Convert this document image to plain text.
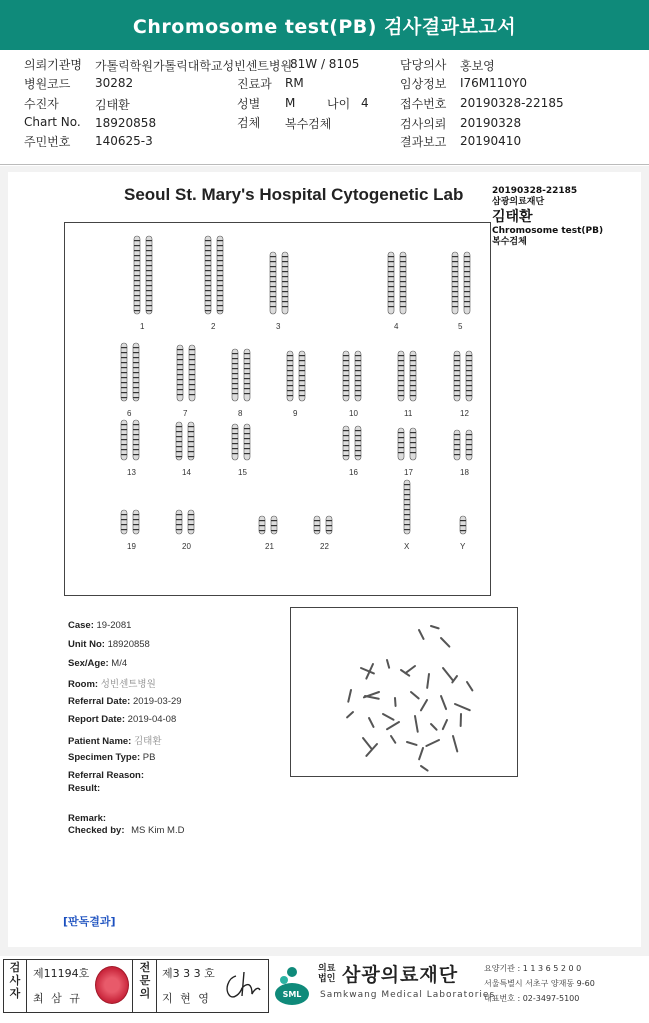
Chromosome test(PB) 검사결과보고서
의뢰기관명	가톨릭학원가톨릭대학교성빈센트병원
81W / 8105	담당의사	홍보영
병원코드	30282	진료과	RM	임상정보	I76M110Y0
수진자	김태환	성별	M	나이 4	접수번호	20190328-22185
Chart No.	18920858	검체	복수검체	검사의뢰	20190328
주민번호	140625-3	결과보고	20190410
Seoul St. Mary's Hospital Cytogenetic Lab	20190328-22185
삼광의료재단
김태환
Chromosome test(PB)
복수검체
Case: 19-2081
Unit No: 18920858
Sex/Age: M/4
Room: 성빈센트병원
Referral Date: 2019-03-29
Report Date: 2019-04-08
Patient Name: 김태환
Specimen Type: PB
Referral Reason:
Result:
Remark:
Checked by: MS Kim M.D
[판독결과]
검사자
제11194호
최 삼 규
전문의
제3 3 3 호
지 현 영	SML
의료
법인 삼광의료재단
Samkwang Medical Laboratories
요양기관 : 1 1 3 6 5 2 0 0
서울특별시 서초구 양재동 9-60
대표번호 : 02-3497-5100
1	2	3	4	5
6	7	8	9	10	11	12
13	14	15	16	17	18
19	20	21	22	X	Y
